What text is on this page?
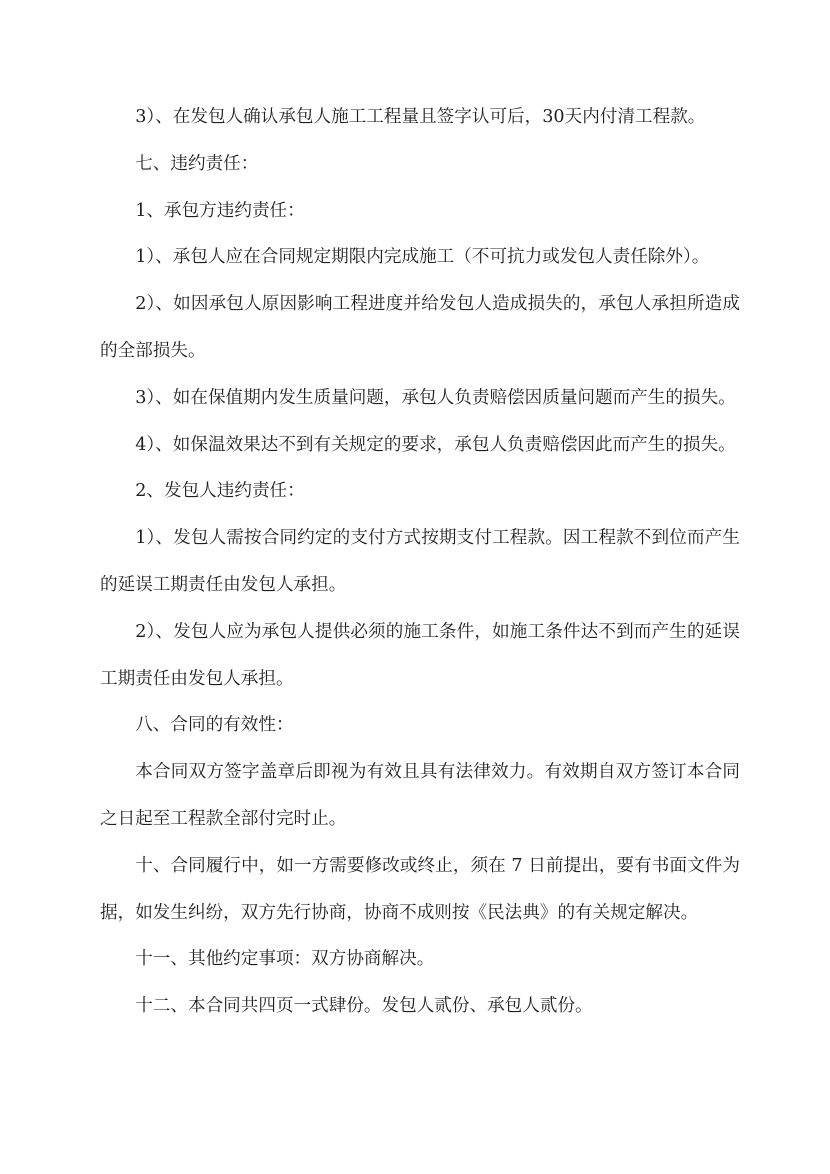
3）、在发包人确认承包人施工工程量且签字认可后，30天内付清工程款。

七、违约责任：

1、承包方违约责任：

1）、承包人应在合同规定期限内完成施工（不可抗力或发包人责任除外）。

2）、如因承包人原因影响工程进度并给发包人造成损失的，承包人承担所造成的全部损失。

3）、如在保值期内发生质量问题，承包人负责赔偿因质量问题而产生的损失。

4）、如保温效果达不到有关规定的要求，承包人负责赔偿因此而产生的损失。

2、发包人违约责任：

1）、发包人需按合同约定的支付方式按期支付工程款。因工程款不到位而产生的延误工期责任由发包人承担。

2）、发包人应为承包人提供必须的施工条件，如施工条件达不到而产生的延误工期责任由发包人承担。

八、合同的有效性：

本合同双方签字盖章后即视为有效且具有法律效力。有效期自双方签订本合同之日起至工程款全部付完时止。

十、合同履行中，如一方需要修改或终止，须在 7 日前提出，要有书面文件为据，如发生纠纷，双方先行协商，协商不成则按《民法典》的有关规定解决。

十一、其他约定事项：双方协商解决。

十二、本合同共四页一式肆份。发包人贰份、承包人贰份。
